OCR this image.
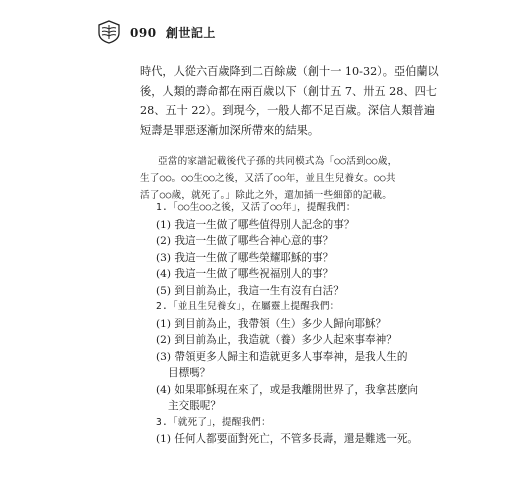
090 創世記上
時代，人從六百歲降到二百餘歲（創十一 10-32）。亞伯蘭以
後，人類的壽命都在兩百歲以下（創廿五 7、卅五 28、四七
28、五十 22）。到現今，一般人都不足百歲。深信人類普遍
短壽是罪惡逐漸加深所帶來的結果。
亞當的家譜記載後代子孫的共同模式為「○○活到○○歲，
生了○○。○○生○○之後，又活了○○年，並且生兒養女。○○共
活了○○歲，就死了。」除此之外，還加插一些細節的記載。
1.「○○生○○之後，又活了○○年」，提醒我們：
(1) 我這一生做了哪些值得別人記念的事？
(2) 我這一生做了哪些合神心意的事？
(3) 我這一生做了哪些榮耀耶穌的事？
(4) 我這一生做了哪些祝福別人的事？
(5) 到目前為止，我這一生有沒有白活？
2.「並且生兒養女」，在屬靈上提醒我們：
(1) 到目前為止，我帶領（生）多少人歸向耶穌？
(2) 到目前為止，我造就（養）多少人起來事奉神？
(3) 帶領更多人歸主和造就更多人事奉神，是我人生的
目標嗎？
(4) 如果耶穌現在來了，或是我離開世界了，我拿甚麼向
主交賬呢？
3.「就死了」，提醒我們：
(1) 任何人都要面對死亡，不管多長壽，還是難逃一死。
